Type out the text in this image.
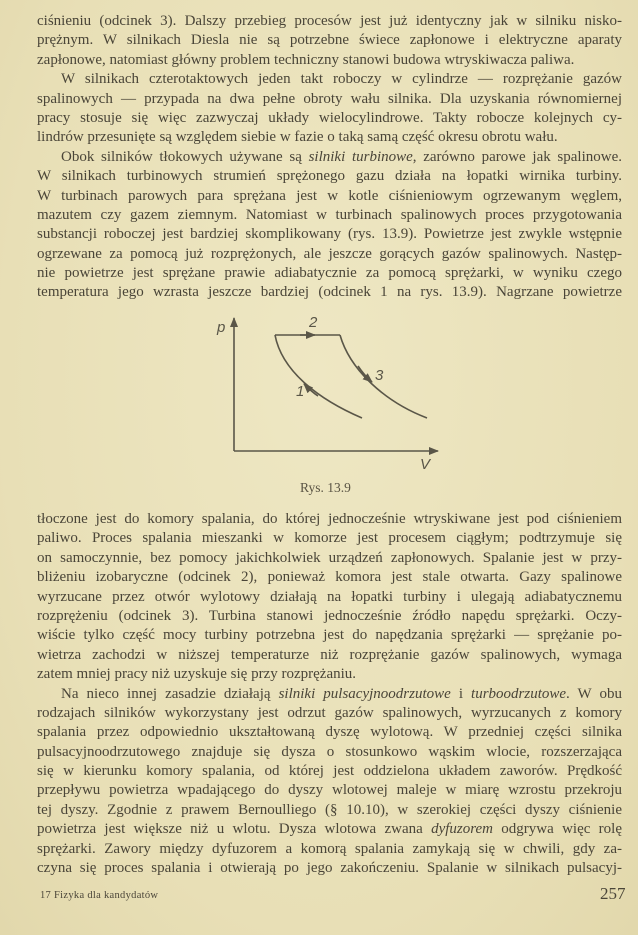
ciśnieniu (odcinek 3). Dalszy przebieg procesów jest już identyczny jak w silniku nisko-
prężnym. W silnikach Diesla nie są potrzebne świece zapłonowe i elektryczne aparaty
zapłonowe, natomiast główny problem techniczny stanowi budowa wtryskiwacza paliwa.
W silnikach czterotaktowych jeden takt roboczy w cylindrze — rozprężanie gazów
spalinowych — przypada na dwa pełne obroty wału silnika. Dla uzyskania równomiernej
pracy stosuje się więc zazwyczaj układy wielocylindrowe. Takty robocze kolejnych cy-
lindrów przesunięte są względem siebie w fazie o taką samą część okresu obrotu wału.
Obok silników tłokowych używane są silniki turbinowe, zarówno parowe jak spalinowe.
W silnikach turbinowych strumień sprężonego gazu działa na łopatki wirnika turbiny.
W turbinach parowych para sprężana jest w kotle ciśnieniowym ogrzewanym węglem,
mazutem czy gazem ziemnym. Natomiast w turbinach spalinowych proces przygotowania
substancji roboczej jest bardziej skomplikowany (rys. 13.9). Powietrze jest zwykle wstępnie
ogrzewane za pomocą już rozprężonych, ale jeszcze gorących gazów spalinowych. Następ-
nie powietrze jest sprężane prawie adiabatycznie za pomocą sprężarki, w wyniku czego
temperatura jego wzrasta jeszcze bardziej (odcinek 1 na rys. 13.9). Nagrzane powietrze
p
V
1
2
3
Rys. 13.9
tłoczone jest do komory spalania, do której jednocześnie wtryskiwane jest pod ciśnieniem
paliwo. Proces spalania mieszanki w komorze jest procesem ciągłym; podtrzymuje się
on samoczynnie, bez pomocy jakichkolwiek urządzeń zapłonowych. Spalanie jest w przy-
bliżeniu izobaryczne (odcinek 2), ponieważ komora jest stale otwarta. Gazy spalinowe
wyrzucane przez otwór wylotowy działają na łopatki turbiny i ulegają adiabatycznemu
rozprężeniu (odcinek 3). Turbina stanowi jednocześnie źródło napędu sprężarki. Oczy-
wiście tylko część mocy turbiny potrzebna jest do napędzania sprężarki — sprężanie po-
wietrza zachodzi w niższej temperaturze niż rozprężanie gazów spalinowych, wymaga
zatem mniej pracy niż uzyskuje się przy rozprężaniu.
Na nieco innej zasadzie działają silniki pulsacyjnoodrzutowe i turboodrzutowe. W obu
rodzajach silników wykorzystany jest odrzut gazów spalinowych, wyrzucanych z komory
spalania przez odpowiednio ukształtowaną dyszę wylotową. W przedniej części silnika
pulsacyjnoodrzutowego znajduje się dysza o stosunkowo wąskim wlocie, rozszerzająca
się w kierunku komory spalania, od której jest oddzielona układem zaworów. Prędkość
przepływu powietrza wpadającego do dyszy wlotowej maleje w miarę wzrostu przekroju
tej dyszy. Zgodnie z prawem Bernoulliego (§ 10.10), w szerokiej części dyszy ciśnienie
powietrza jest większe niż u wlotu. Dysza wlotowa zwana dyfuzorem odgrywa więc rolę
sprężarki. Zawory między dyfuzorem a komorą spalania zamykają się w chwili, gdy za-
czyna się proces spalania i otwierają po jego zakończeniu. Spalanie w silnikach pulsacyj-
17 Fizyka dla kandydatów	257
